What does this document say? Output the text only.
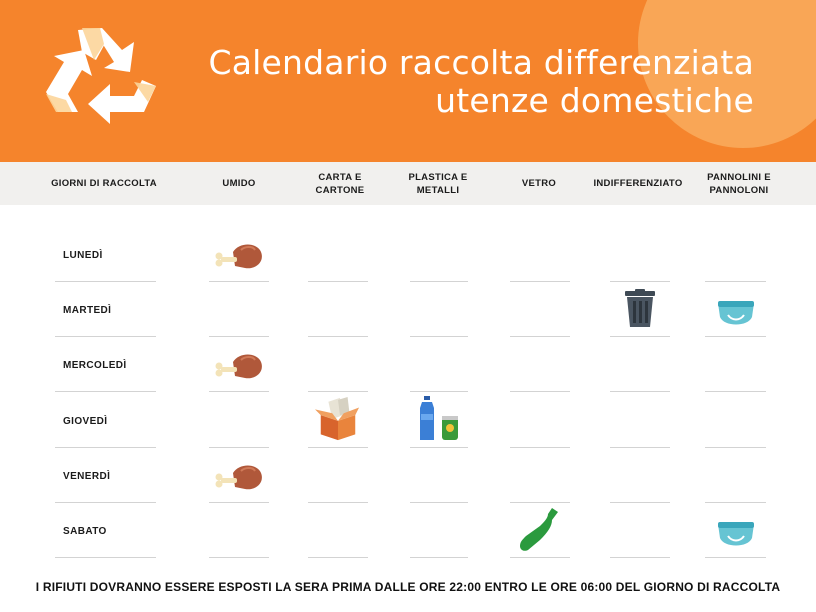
Calendario raccolta differenziata
utenze domestiche
GIORNI DI RACCOLTA	UMIDO
CARTA E
CARTONE
PLASTICA E
METALLI
VETRO	INDIFFERENZIATO
PANNOLINI E
PANNOLONI
LUNEDÌ
MARTEDÌ
MERCOLEDÌ
GIOVEDÌ
VENERDÌ
SABATO
I RIFIUTI DOVRANNO ESSERE ESPOSTI LA SERA PRIMA DALLE ORE 22:00 ENTRO LE ORE 06:00 DEL GIORNO DI RACCOLTA
